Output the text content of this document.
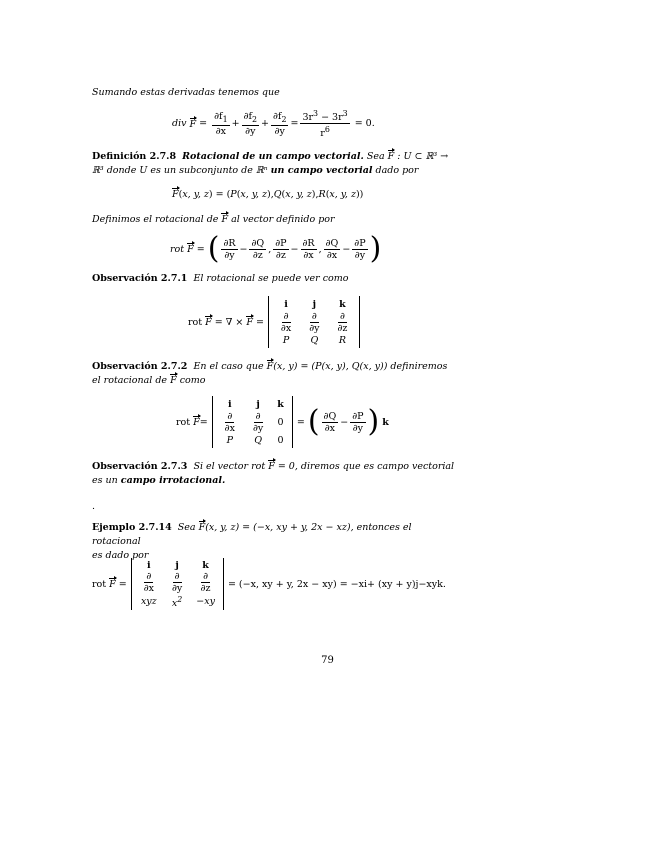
Sumando estas derivadas tenemos que
div
$F = \frac{\partial f_1}{\partial x} + \frac{\partial f_2}{\partial y} + \frac{\partial f_2}{\partial y} = \frac{3r^3 - 3r^3}{r^6} = 0$.
Definición 2.7.8 Rotacional de un campo vectorial. Sea F : U ⊂ ℝ³ →
ℝ³ donde U es un subconjunto de ℝⁿ un campo vectorial dado por
F ( x, y, z ) = ( P ( x, y, z ), Q ( x, y, z ), R ( x, y, z ))
Definimos el rotacional de F al vector definido por
rot
F = ( $\frac{\partial R}{\partial y} - \frac{\partial Q}{\partial z}$ , $\frac{\partial P}{\partial z} - \frac{\partial R}{\partial x}$ , $\frac{\partial Q}{\partial x} - \frac{\partial P}{\partial y}$ )
Observación 2.7.1 El rotacional se puede ver como
rot F = ∇ × F =
i	j k
$\frac{\partial}{\partial x} \frac{\partial}{\partial y} \frac{\partial}{\partial z}$
P Q R
Observación 2.7.2 En el caso que F(x, y) = (P(x, y), Q(x, y)) definiremos
el rotacional de F como
rot F =
i	j k
$\frac{\partial}{\partial x} \frac{\partial}{\partial y} 0$
P Q 0
= ( $\frac{\partial Q}{\partial x} - \frac{\partial P}{\partial y}$ )
k
Observación 2.7.3 Si el vector rot F = 0, diremos que es campo vectorial
es un campo irrotacional.
.
Ejemplo 2.7.14 Sea F(x, y, z) = (−x, xy + y, 2x − xz), entonces el rotacional
es dado por
rot F =
i	j k
$\frac{\partial}{\partial x} \frac{\partial}{\partial y} \frac{\partial}{\partial z}$
xyz $x^2 -xy$
= (−x, xy + y, 2x − xy) = −xi+ (xy + y)j−xyk.
79
